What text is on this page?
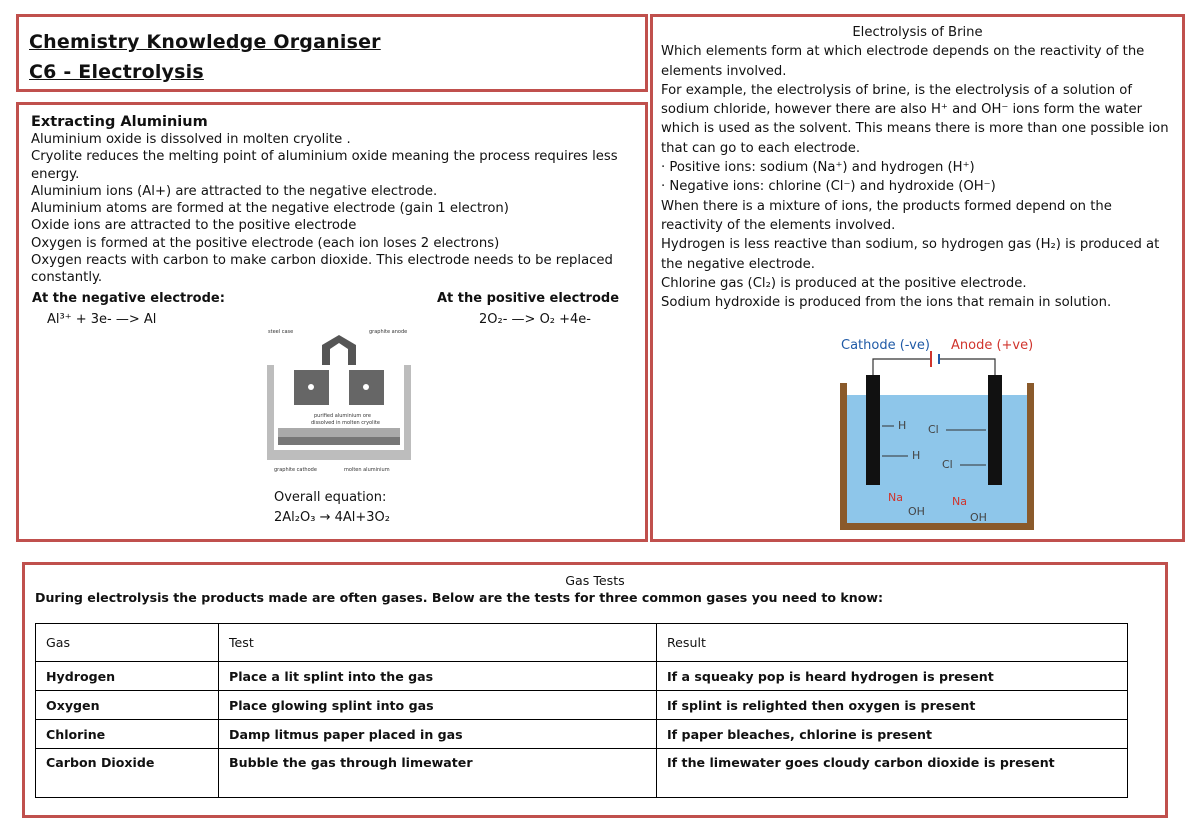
Chemistry Knowledge Organiser
C6 - Electrolysis
Extracting Aluminium

Aluminium oxide is dissolved in molten cryolite .

Cryolite reduces the melting point of aluminium oxide meaning the process requires less energy.

Aluminium ions (Al+) are attracted to the negative electrode.

Aluminium atoms are formed at the negative electrode (gain 1 electron)

Oxide ions are attracted to the positive electrode

Oxygen is formed at the positive electrode (each ion loses 2 electrons)

Oxygen reacts with carbon to make carbon dioxide. This electrode needs to be replaced constantly.

At the negative electrode:	At the positive electrode
Al³⁺ + 3e- —> Al	2O₂- —> O₂ +4e-
steel case	graphite anode
purified aluminium ore
dissolved in molten cryolite
graphite cathode	molten aluminium
Overall equation:
2Al₂O₃ → 4Al+3O₂

Electrolysis of Brine

Which elements form at which electrode depends on the reactivity of the elements involved.

For example, the electrolysis of brine, is the electrolysis of a solution of sodium chloride, however there are also H⁺ and OH⁻ ions form the water which is used as the solvent. This means there is more than one possible ion that can go to each electrode.

· Positive ions: sodium (Na⁺) and hydrogen (H⁺)

· Negative ions: chlorine (Cl⁻) and hydroxide (OH⁻)

When there is a mixture of ions, the products formed depend on the reactivity of the elements involved.

Hydrogen is less reactive than sodium, so hydrogen gas (H₂) is produced at the negative electrode.

Chlorine gas (Cl₂) is produced at the positive electrode.

Sodium hydroxide is produced from the ions that remain in solution.

Cathode (-ve) Anode (+ve)
H
H
Cl
Cl
Na	Na
OH	OH
Gas Tests
During electrolysis the products made are often gases. Below are the tests for three common gases you need to know:
Gas	Test	Result
Hydrogen	Place a lit splint into the gas	If a squeaky pop is heard hydrogen is present
Oxygen	Place glowing splint into gas	If splint is relighted then oxygen is present
Chlorine	Damp litmus paper placed in gas	If paper bleaches, chlorine is present
Carbon Dioxide	Bubble the gas through limewater	If the limewater goes cloudy carbon dioxide is present
